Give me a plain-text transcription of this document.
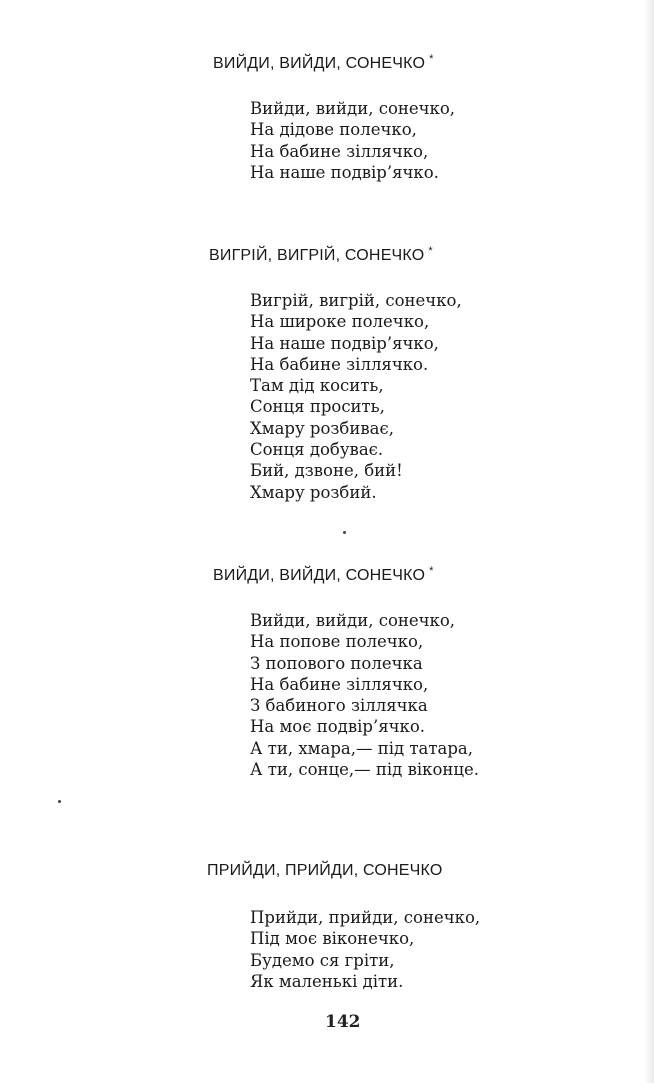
ВИЙДИ, ВИЙДИ, СОНЕЧКО *
Вийди, вийди, сонечко,
На дідове полечко,
На бабине зіллячко,
На наше подвір’ячко.
ВИГРІЙ, ВИГРІЙ, СОНЕЧКО *
Вигрій, вигрій, сонечко,
На широке полечко,
На наше подвір’ячко,
На бабине зіллячко.
Там дід косить,
Сонця просить,
Хмару розбиває,
Сонця добуває.
Бий, дзвоне, бий!
Хмару розбий.
ВИЙДИ, ВИЙДИ, СОНЕЧКО *
Вийди, вийди, сонечко,
На попове полечко,
З попового полечка
На бабине зіллячко,
З бабиного зіллячка
На моє подвір’ячко.
А ти, хмара,— під татара,
А ти, сонце,— під віконце.
ПРИЙДИ, ПРИЙДИ, СОНЕЧКО
Прийди, прийди, сонечко,
Під моє віконечко,
Будемо ся гріти,
Як маленькі діти.
142
